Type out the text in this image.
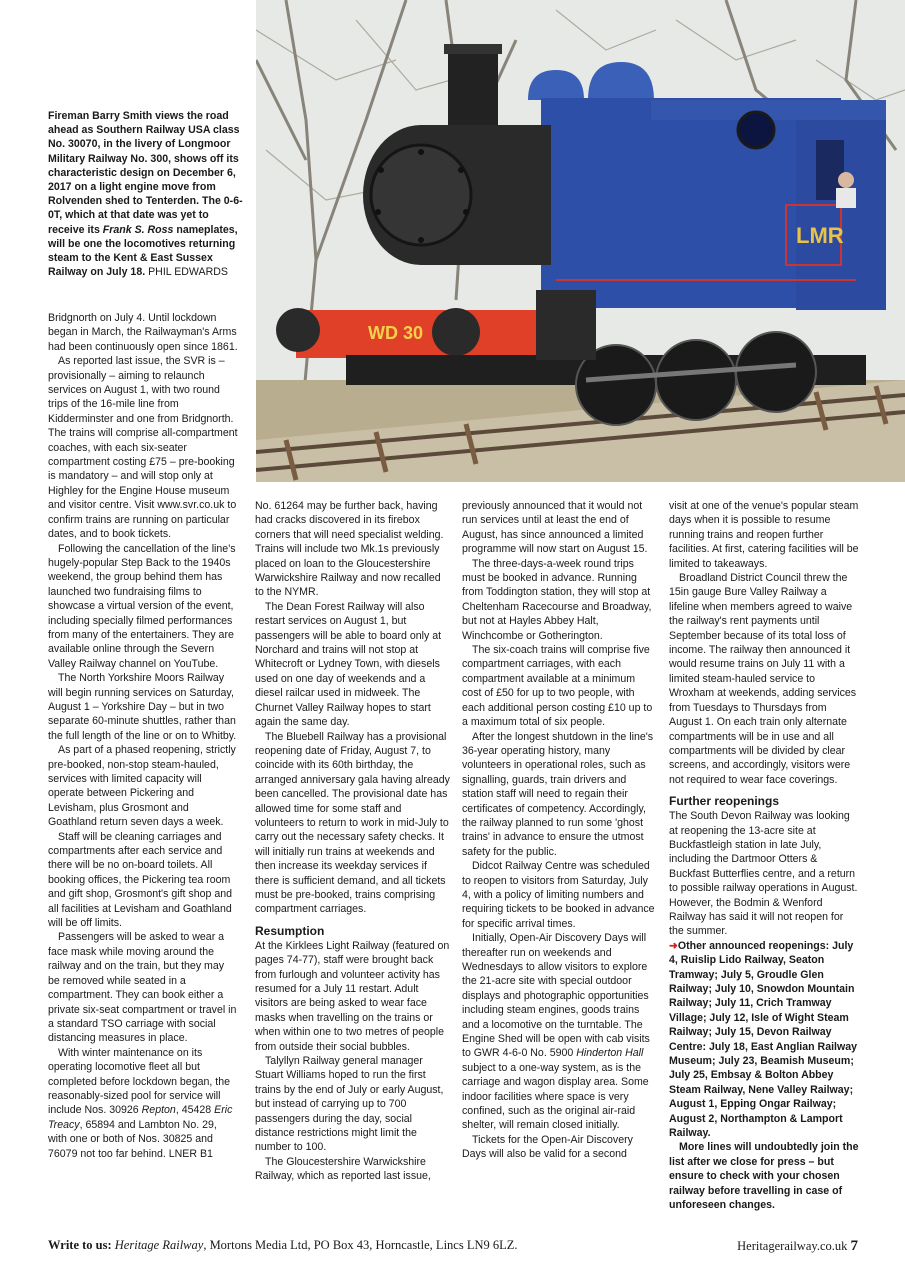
LMR
WD 30

Fireman Barry Smith views the road ahead as Southern Railway USA class No. 30070, in the livery of Longmoor Military Railway No. 300, shows off its characteristic design on December 6, 2017 on a light engine move from Rolvenden shed to Tenterden. The 0-6-0T, which at that date was yet to receive its Frank S. Ross nameplates, will be one the locomotives returning steam to the Kent & East Sussex Railway on July 18. PHIL EDWARDS

Bridgnorth on July 4. Until lockdown began in March, the Railwayman's Arms had been continuously open since 1861.

As reported last issue, the SVR is – provisionally – aiming to relaunch services on August 1, with two round trips of the 16-mile line from Kidderminster and one from Bridgnorth. The trains will comprise all-compartment coaches, with each six-seater compartment costing £75 – pre-booking is mandatory – and will stop only at Highley for the Engine House museum and visitor centre. Visit www.svr.co.uk to confirm trains are running on particular dates, and to book tickets.

Following the cancellation of the line's hugely-popular Step Back to the 1940s weekend, the group behind them has launched two fundraising films to showcase a virtual version of the event, including specially filmed performances from many of the entertainers. They are available online through the Severn Valley Railway channel on YouTube.

The North Yorkshire Moors Railway will begin running services on Saturday, August 1 – Yorkshire Day – but in two separate 60-minute shuttles, rather than the full length of the line or on to Whitby.

As part of a phased reopening, strictly pre-booked, non-stop steam-hauled, services with limited capacity will operate between Pickering and Levisham, plus Grosmont and Goathland return seven days a week.

Staff will be cleaning carriages and compartments after each service and there will be no on-board toilets. All booking offices, the Pickering tea room and gift shop, Grosmont's gift shop and all facilities at Levisham and Goathland will be off limits.

Passengers will be asked to wear a face mask while moving around the railway and on the train, but they may be removed while seated in a compartment. They can book either a private six-seat compartment or travel in a standard TSO carriage with social distancing measures in place.

With winter maintenance on its operating locomotive fleet all but completed before lockdown began, the reasonably-sized pool for service will include Nos. 30926 Repton, 45428 Eric Treacy, 65894 and Lambton No. 29, with one or both of Nos. 30825 and 76079 not too far behind. LNER B1

No. 61264 may be further back, having had cracks discovered in its firebox corners that will need specialist welding. Trains will include two Mk.1s previously placed on loan to the Gloucestershire Warwickshire Railway and now recalled to the NYMR.

The Dean Forest Railway will also restart services on August 1, but passengers will be able to board only at Norchard and trains will not stop at Whitecroft or Lydney Town, with diesels used on one day of weekends and a diesel railcar used in midweek. The Churnet Valley Railway hopes to start again the same day.

The Bluebell Railway has a provisional reopening date of Friday, August 7, to coincide with its 60th birthday, the arranged anniversary gala having already been cancelled. The provisional date has allowed time for some staff and volunteers to return to work in mid-July to carry out the necessary safety checks. It will initially run trains at weekends and then increase its weekday services if there is sufficient demand, and all tickets must be pre-booked, trains comprising compartment carriages.

Resumption

At the Kirklees Light Railway (featured on pages 74-77), staff were brought back from furlough and volunteer activity has resumed for a July 11 restart. Adult visitors are being asked to wear face masks when travelling on the trains or when within one to two metres of people from outside their social bubbles.

Talyllyn Railway general manager Stuart Williams hoped to run the first trains by the end of July or early August, but instead of carrying up to 700 passengers during the day, social distance restrictions might limit the number to 100.

The Gloucestershire Warwickshire Railway, which as reported last issue,

previously announced that it would not run services until at least the end of August, has since announced a limited programme will now start on August 15.

The three-days-a-week round trips must be booked in advance. Running from Toddington station, they will stop at Cheltenham Racecourse and Broadway, but not at Hayles Abbey Halt, Winchcombe or Gotherington.

The six-coach trains will comprise five compartment carriages, with each compartment available at a minimum cost of £50 for up to two people, with each additional person costing £10 up to a maximum total of six people.

After the longest shutdown in the line's 36-year operating history, many volunteers in operational roles, such as signalling, guards, train drivers and station staff will need to regain their certificates of competency. Accordingly, the railway planned to run some 'ghost trains' in advance to ensure the utmost safety for the public.

Didcot Railway Centre was scheduled to reopen to visitors from Saturday, July 4, with a policy of limiting numbers and requiring tickets to be booked in advance for specific arrival times.

Initially, Open-Air Discovery Days will thereafter run on weekends and Wednesdays to allow visitors to explore the 21-acre site with special outdoor displays and photographic opportunities including steam engines, goods trains and a locomotive on the turntable. The Engine Shed will be open with cab visits to GWR 4-6-0 No. 5900 Hinderton Hall subject to a one-way system, as is the carriage and wagon display area. Some indoor facilities where space is very confined, such as the original air-raid shelter, will remain closed initially.

Tickets for the Open-Air Discovery Days will also be valid for a second

visit at one of the venue's popular steam days when it is possible to resume running trains and reopen further facilities. At first, catering facilities will be limited to takeaways.

Broadland District Council threw the 15in gauge Bure Valley Railway a lifeline when members agreed to waive the railway's rent payments until September because of its total loss of income. The railway then announced it would resume trains on July 11 with a limited steam-hauled service to Wroxham at weekends, adding services from Tuesdays to Thursdays from August 1. On each train only alternate compartments will be in use and all compartments will be divided by clear screens, and accordingly, visitors were not required to wear face coverings.

Further reopenings

The South Devon Railway was looking at reopening the 13-acre site at Buckfastleigh station in late July, including the Dartmoor Otters & Buckfast Butterflies centre, and a return to possible railway operations in August. However, the Bodmin & Wenford Railway has said it will not reopen for the summer.

➜Other announced reopenings: July 4, Ruislip Lido Railway, Seaton Tramway; July 5, Groudle Glen Railway; July 10, Snowdon Mountain Railway; July 11, Crich Tramway Village; July 12, Isle of Wight Steam Railway; July 15, Devon Railway Centre: July 18, East Anglian Railway Museum; July 23, Beamish Museum; July 25, Embsay & Bolton Abbey Steam Railway, Nene Valley Railway; August 1, Epping Ongar Railway; August 2, Northampton & Lamport Railway.

More lines will undoubtedly join the list after we close for press – but ensure to check with your chosen railway before travelling in case of unforeseen changes.

Write to us: Heritage Railway, Mortons Media Ltd, PO Box 43, Horncastle, Lincs LN9 6LZ.	Heritagerailway.co.uk 7
